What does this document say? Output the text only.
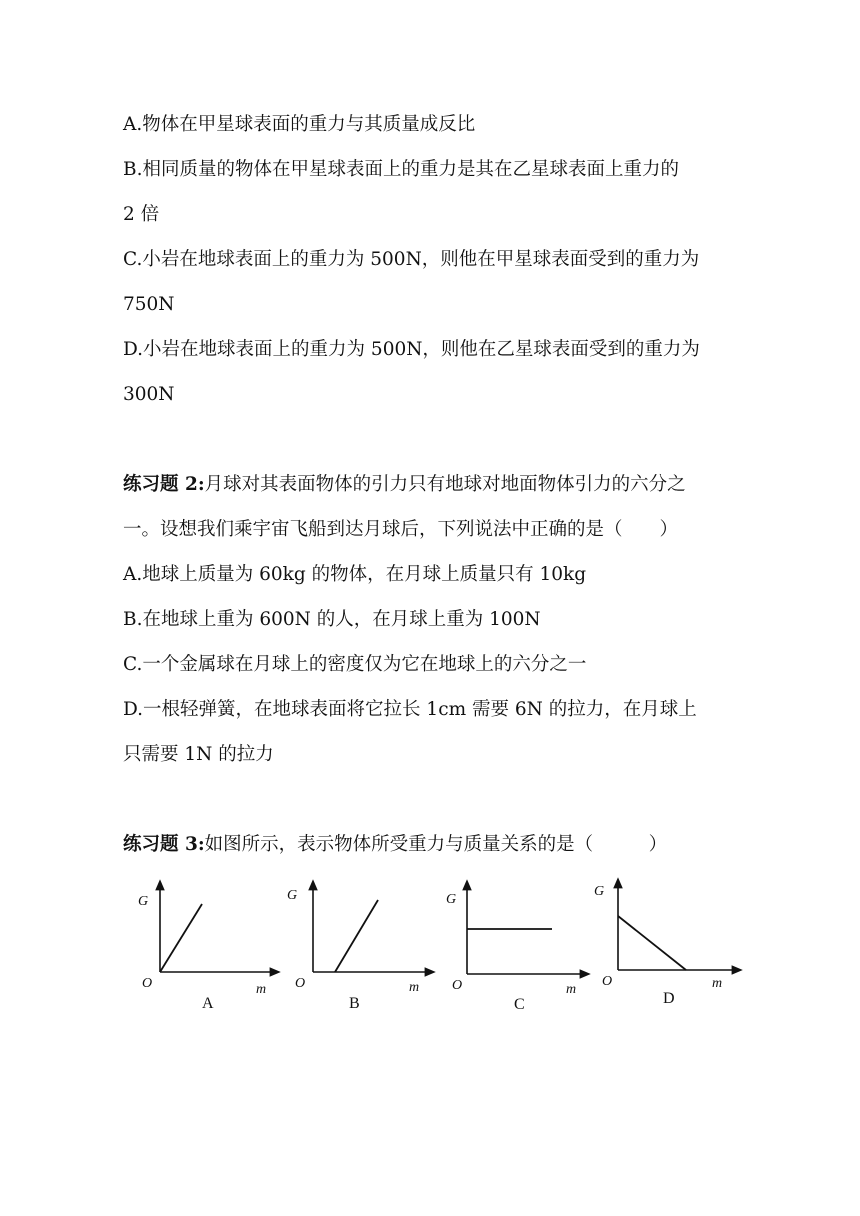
A.物体在甲星球表面的重力与其质量成反比
B.相同质量的物体在甲星球表面上的重力是其在乙星球表面上重力的
2 倍
C.小岩在地球表面上的重力为 500N，则他在甲星球表面受到的重力为
750N
D.小岩在地球表面上的重力为 500N，则他在乙星球表面受到的重力为
300N
练习题 2:月球对其表面物体的引力只有地球对地面物体引力的六分之
一。设想我们乘宇宙飞船到达月球后，下列说法中正确的是（　　）
A.地球上质量为 60kg 的物体，在月球上质量只有 10kg
B.在地球上重为 600N 的人，在月球上重为 100N
C.一个金属球在月球上的密度仅为它在地球上的六分之一
D.一根轻弹簧，在地球表面将它拉长 1cm 需要 6N 的拉力，在月球上
只需要 1N 的拉力
练习题 3:如图所示，表示物体所受重力与质量关系的是（　　　）
G
O	m
A
G
O	m
B
G
O	m
C
G
O	m
D
